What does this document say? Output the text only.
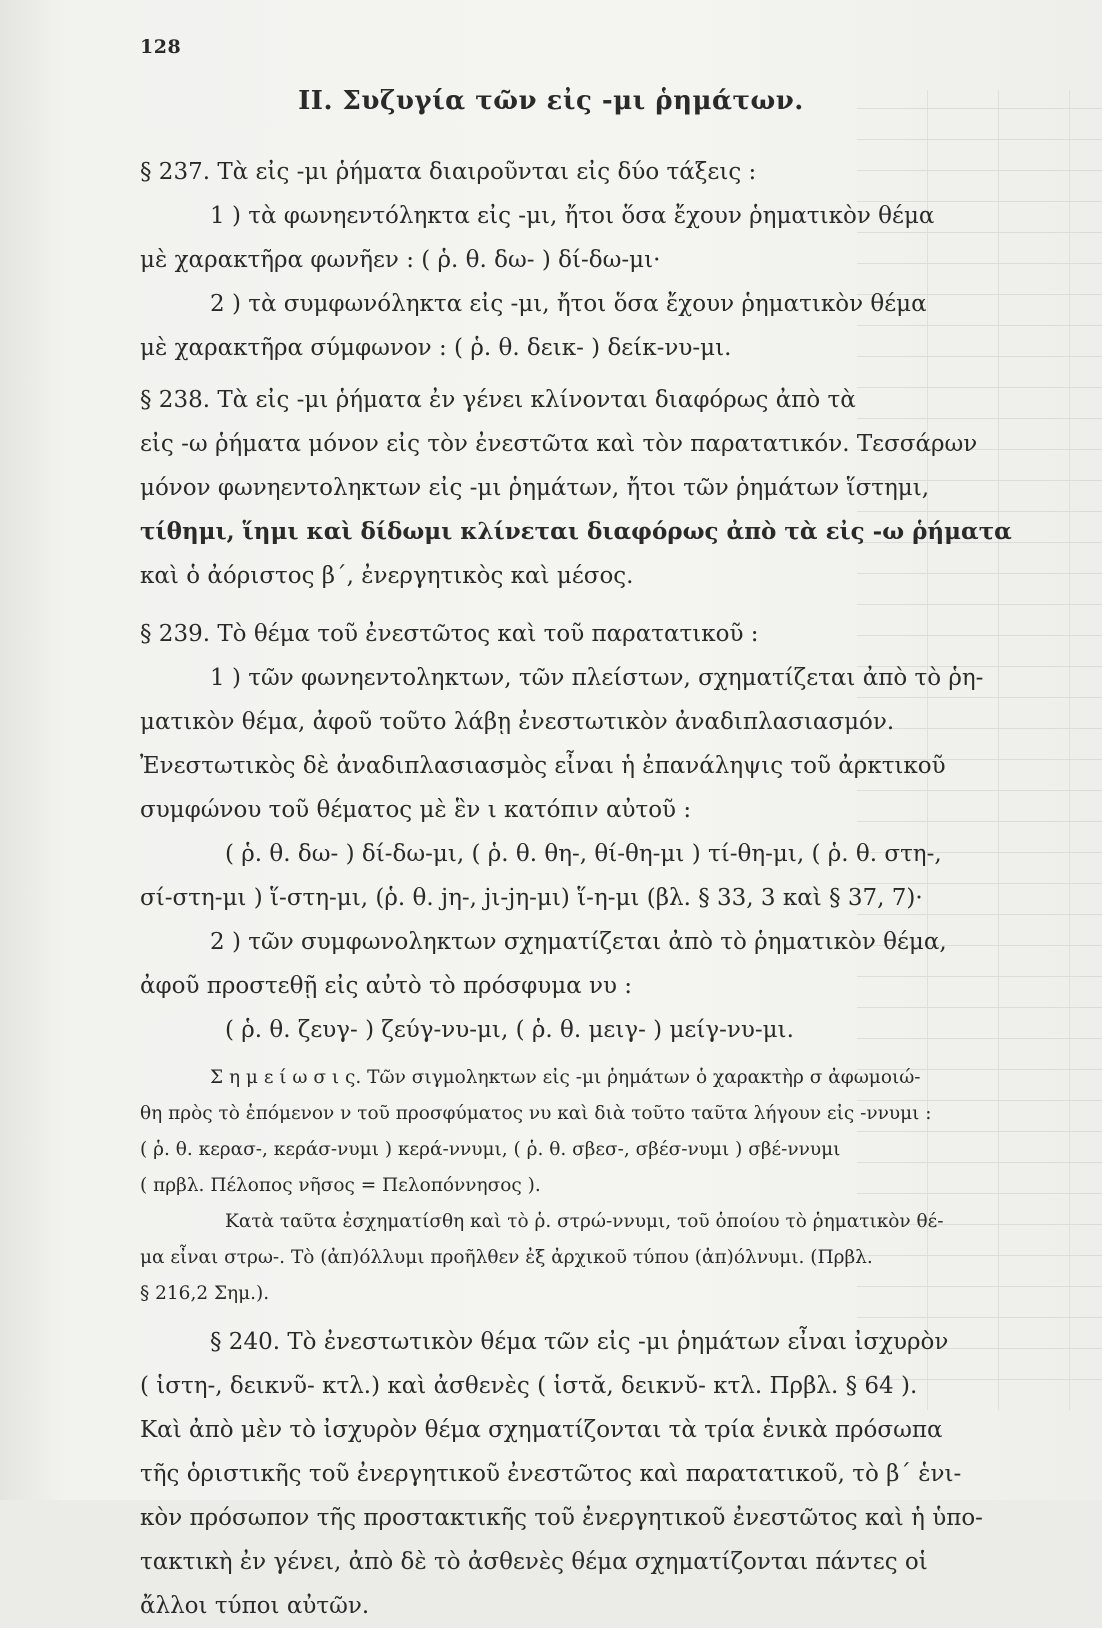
128
ΙΙ. Συζυγία τῶν εἰς -μι ῥημάτων.
§ 237. Τὰ εἰς -μι ῥήματα διαιροῦνται εἰς δύο τάξεις :
1 ) τὰ φωνηεντόληκτα εἰς -μι, ἤτοι ὅσα ἔχουν ῥηματικὸν θέμα
μὲ χαρακτῆρα φωνῆεν : ( ῥ. θ. δω- ) δί-δω-μι·
2 ) τὰ συμφωνόληκτα εἰς -μι, ἤτοι ὅσα ἔχουν ῥηματικὸν θέμα
μὲ χαρακτῆρα σύμφωνον : ( ῥ. θ. δεικ- ) δείκ-νυ-μι.
§ 238. Τὰ εἰς -μι ῥήματα ἐν γένει κλίνονται διαφόρως ἀπὸ τὰ
εἰς -ω ῥήματα μόνον εἰς τὸν ἐνεστῶτα καὶ τὸν παρατατικόν. Τεσσάρων
μόνον φωνηεντοληκτων εἰς -μι ῥημάτων, ἤτοι τῶν ῥημάτων ἵστημι,
τίθημι, ἵημι καὶ δίδωμι κλίνεται διαφόρως ἀπὸ τὰ εἰς -ω ῥήματα
καὶ ὁ ἀόριστος β΄, ἐνεργητικὸς καὶ μέσος.
§ 239. Τὸ θέμα τοῦ ἐνεστῶτος καὶ τοῦ παρατατικοῦ :
1 ) τῶν φωνηεντοληκτων, τῶν πλείστων, σχηματίζεται ἀπὸ τὸ ῥη-
ματικὸν θέμα, ἀφοῦ τοῦτο λάβῃ ἐνεστωτικὸν ἀναδιπλασιασμόν.
Ἐνεστωτικὸς δὲ ἀναδιπλασιασμὸς εἶναι ἡ ἐπανάληψις τοῦ ἀρκτικοῦ
συμφώνου τοῦ θέματος μὲ ἓν ι κατόπιν αὐτοῦ :
( ῥ. θ. δω- ) δί-δω-μι, ( ῥ. θ. θη-, θί-θη-μι ) τί-θη-μι, ( ῥ. θ. στη-,
σί-στη-μι ) ἵ-στη-μι, (ῥ. θ. jη-, jι-jη-μι) ἵ-η-μι (βλ. § 33, 3 καὶ § 37, 7)·
2 ) τῶν συμφωνοληκτων σχηματίζεται ἀπὸ τὸ ῥηματικὸν θέμα,
ἀφοῦ προστεθῇ εἰς αὐτὸ τὸ πρόσφυμα νυ :
( ῥ. θ. ζευγ- ) ζεύγ-νυ-μι, ( ῥ. θ. μειγ- ) μείγ-νυ-μι.
Σ η μ ε ί ω σ ι ς. Τῶν σιγμοληκτων εἰς -μι ῥημάτων ὁ χαρακτὴρ σ ἀφωμοιώ-
θη πρὸς τὸ ἑπόμενον ν τοῦ προσφύματος νυ καὶ διὰ τοῦτο ταῦτα λήγουν εἰς -ννυμι :
( ῥ. θ. κερασ-, κεράσ-νυμι ) κερά-ννυμι, ( ῥ. θ. σβεσ-, σβέσ-νυμι ) σβέ-ννυμι
( πρβλ. Πέλοπος νῆσος = Πελοπόννησος ).
Κατὰ ταῦτα ἐσχηματίσθη καὶ τὸ ῥ. στρώ-ννυμι, τοῦ ὁποίου τὸ ῥηματικὸν θέ-
μα εἶναι στρω-. Τὸ (ἀπ)όλλυμι προῆλθεν ἐξ ἀρχικοῦ τύπου (ἀπ)όλνυμι. (Πρβλ.
§ 216,2 Σημ.).
§ 240. Τὸ ἐνεστωτικὸν θέμα τῶν εἰς -μι ῥημάτων εἶναι ἰσχυρὸν
( ἱστη-, δεικνῦ- κτλ.) καὶ ἀσθενὲς ( ἱστᾰ, δεικνῠ- κτλ. Πρβλ. § 64 ).
Καὶ ἀπὸ μὲν τὸ ἰσχυρὸν θέμα σχηματίζονται τὰ τρία ἑνικὰ πρόσωπα
τῆς ὁριστικῆς τοῦ ἐνεργητικοῦ ἐνεστῶτος καὶ παρατατικοῦ, τὸ β΄ ἑνι-
κὸν πρόσωπον τῆς προστακτικῆς τοῦ ἐνεργητικοῦ ἐνεστῶτος καὶ ἡ ὑπο-
τακτικὴ ἐν γένει, ἀπὸ δὲ τὸ ἀσθενὲς θέμα σχηματίζονται πάντες οἱ
ἄλλοι τύποι αὐτῶν.
